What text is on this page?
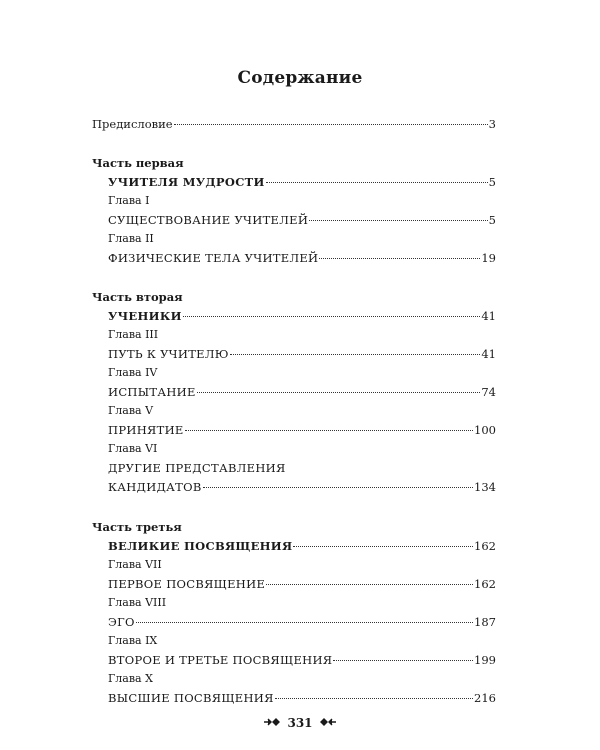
Содержание
Предисловие	3
Часть первая
УЧИТЕЛЯ МУДРОСТИ	5
Глава I
СУЩЕСТВОВАНИЕ УЧИТЕЛЕЙ	5
Глава II
ФИЗИЧЕСКИЕ ТЕЛА УЧИТЕЛЕЙ	19
Часть вторая
УЧЕНИКИ	41
Глава III
ПУТЬ К УЧИТЕЛЮ	41
Глава IV
ИСПЫТАНИЕ	74
Глава V
ПРИНЯТИЕ	100
Глава VI
ДРУГИЕ ПРЕДСТАВЛЕНИЯ
КАНДИДАТОВ	134
Часть третья
ВЕЛИКИЕ ПОСВЯЩЕНИЯ	162
Глава VII
ПЕРВОЕ ПОСВЯЩЕНИЕ	162
Глава VIII
ЭГО	187
Глава IX
ВТОРОЕ И ТРЕТЬЕ ПОСВЯЩЕНИЯ	199
Глава X
ВЫСШИЕ ПОСВЯЩЕНИЯ	216
331
